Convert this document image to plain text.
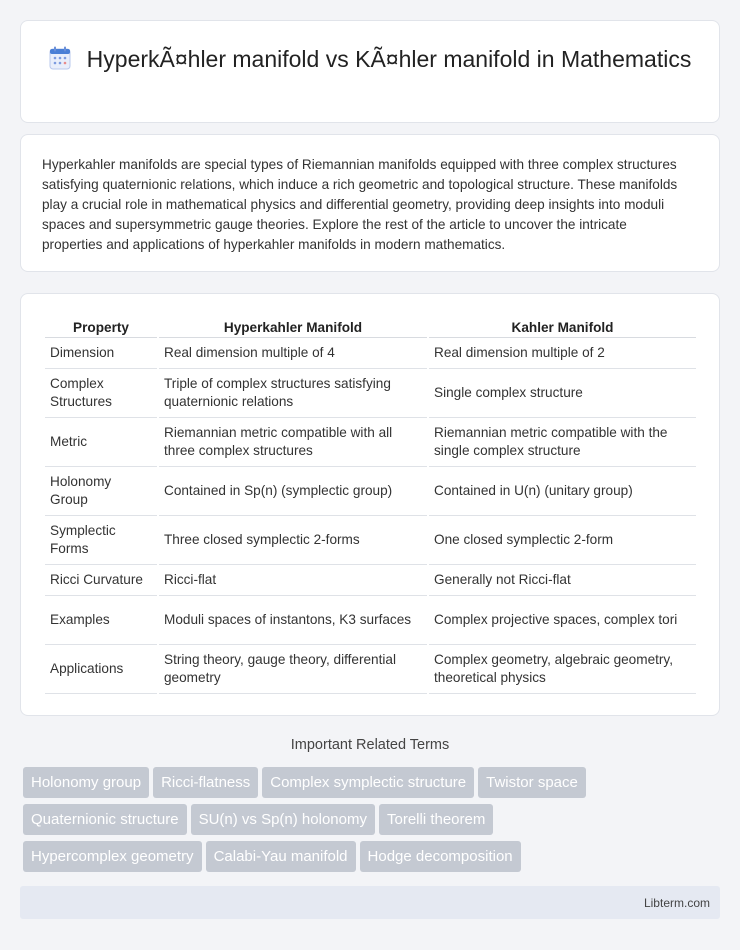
HyperkÃ¤hler manifold vs KÃ¤hler manifold in Mathematics

Hyperkahler manifolds are special types of Riemannian manifolds equipped with three complex structures satisfying quaternionic relations, which induce a rich geometric and topological structure. These manifolds play a crucial role in mathematical physics and differential geometry, providing deep insights into moduli spaces and supersymmetric gauge theories. Explore the rest of the article to uncover the intricate properties and applications of hyperkahler manifolds in modern mathematics.

Property	Hyperkahler Manifold	Kahler Manifold
Dimension	Real dimension multiple of 4	Real dimension multiple of 2
Complex Structures	Triple of complex structures satisfying quaternionic relations	Single complex structure
Metric	Riemannian metric compatible with all three complex structures	Riemannian metric compatible with the single complex structure
Holonomy Group	Contained in Sp(n) (symplectic group)	Contained in U(n) (unitary group)
Symplectic Forms	Three closed symplectic 2-forms	One closed symplectic 2-form
Ricci Curvature	Ricci-flat	Generally not Ricci-flat
Examples	Moduli spaces of instantons, K3 surfaces	Complex projective spaces, complex tori
Applications	String theory, gauge theory, differential geometry	Complex geometry, algebraic geometry, theoretical physics
Important Related Terms
Holonomy group Ricci-flatness Complex symplectic structure Twistor space
Quaternionic structure SU(n) vs Sp(n) holonomy Torelli theorem
Hypercomplex geometry Calabi-Yau manifold Hodge decomposition
Libterm.com
